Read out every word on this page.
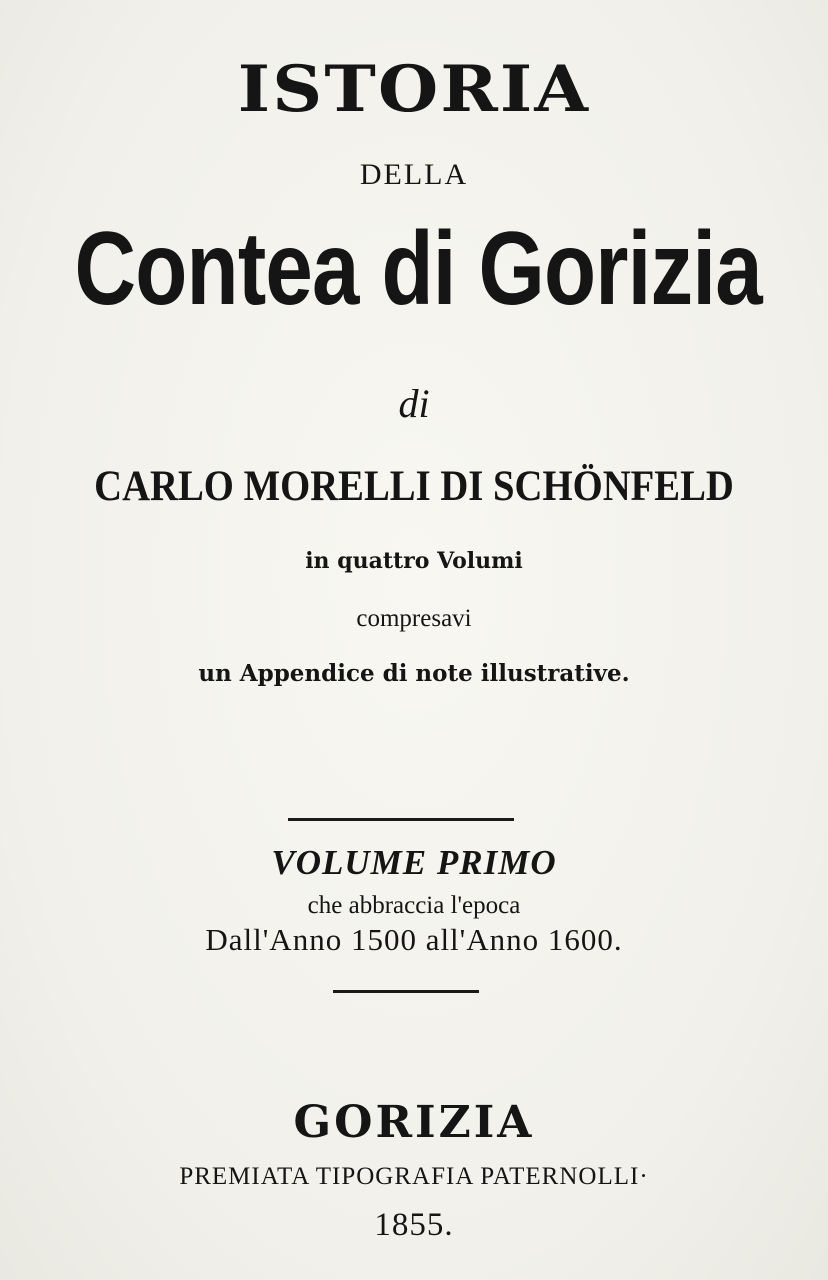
ISTORIA
DELLA
Contea di Gorizia
di
CARLO MORELLI DI SCHÖNFELD
in quattro Volumi
compresavi
un Appendice di note illustrative.
VOLUME PRIMO
che abbraccia l'epoca
Dall'Anno 1500 all'Anno 1600.
GORIZIA
PREMIATA TIPOGRAFIA PATERNOLLI·
1855.
